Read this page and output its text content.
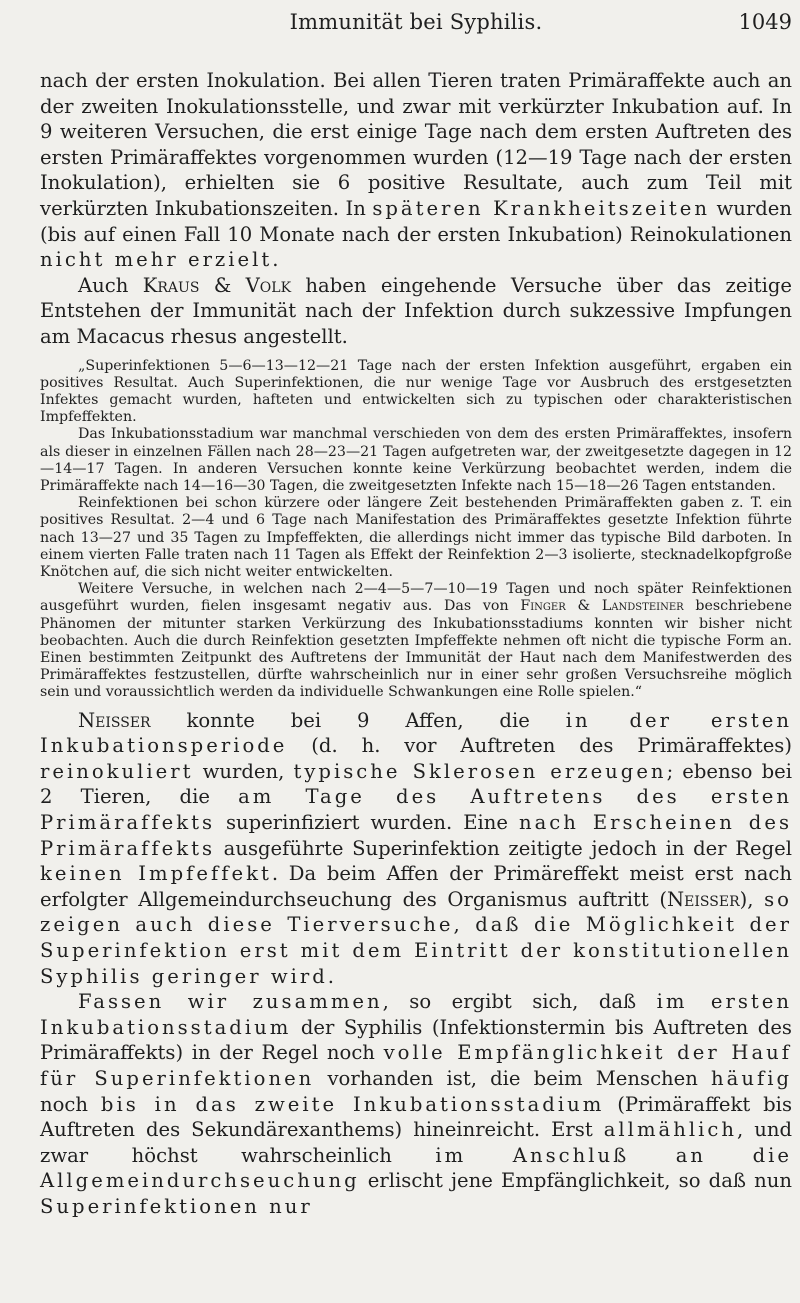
Immunität bei Syphilis.	1049

nach der ersten Inokulation. Bei allen Tieren traten Primäraffekte auch an der zweiten Inokulationsstelle, und zwar mit verkürzter Inkubation auf. In 9 weiteren Versuchen, die erst einige Tage nach dem ersten Auftreten des ersten Primäraffektes vorgenommen wurden (12—19 Tage nach der ersten Inokulation), erhielten sie 6 positive Resultate, auch zum Teil mit verkürzten Inkubationszeiten. In späteren Krankheitszeiten wurden (bis auf einen Fall 10 Monate nach der ersten Inkubation) Reinokulationen nicht mehr erzielt.

Auch Kraus & Volk haben eingehende Versuche über das zeitige Entstehen der Immunität nach der Infektion durch sukzessive Impfungen am Macacus rhesus angestellt.

„Superinfektionen 5—6—13—12—21 Tage nach der ersten Infektion ausgeführt, ergaben ein positives Resultat. Auch Superinfektionen, die nur wenige Tage vor Ausbruch des erstgesetzten Infektes gemacht wurden, hafteten und entwickelten sich zu typischen oder charakteristischen Impfeffekten.

Das Inkubationsstadium war manchmal verschieden von dem des ersten Primäraffektes, insofern als dieser in einzelnen Fällen nach 28—23—21 Tagen aufgetreten war, der zweitgesetzte dagegen in 12—14—17 Tagen. In anderen Versuchen konnte keine Verkürzung beobachtet werden, indem die Primäraffekte nach 14—16—30 Tagen, die zweitgesetzten Infekte nach 15—18—26 Tagen entstanden.

Reinfektionen bei schon kürzere oder längere Zeit bestehenden Primäraffekten gaben z. T. ein positives Resultat. 2—4 und 6 Tage nach Manifestation des Primäraffektes gesetzte Infektion führte nach 13—27 und 35 Tagen zu Impfeffekten, die allerdings nicht immer das typische Bild darboten. In einem vierten Falle traten nach 11 Tagen als Effekt der Reinfektion 2—3 isolierte, stecknadelkopfgroße Knötchen auf, die sich nicht weiter entwickelten.

Weitere Versuche, in welchen nach 2—4—5—7—10—19 Tagen und noch später Reinfektionen ausgeführt wurden, fielen insgesamt negativ aus. Das von Finger & Landsteiner beschriebene Phänomen der mitunter starken Verkürzung des Inkubationsstadiums konnten wir bisher nicht beobachten. Auch die durch Reinfektion gesetzten Impfeffekte nehmen oft nicht die typische Form an. Einen bestimmten Zeitpunkt des Auftretens der Immunität der Haut nach dem Manifestwerden des Primäraffektes festzustellen, dürfte wahrscheinlich nur in einer sehr großen Versuchsreihe möglich sein und voraussichtlich werden da individuelle Schwankungen eine Rolle spielen.“

Neisser konnte bei 9 Affen, die in der ersten Inkubationsperiode (d. h. vor Auftreten des Primäraffektes) reinokuliert wurden, typische Sklerosen erzeugen; ebenso bei 2 Tieren, die am Tage des Auftretens des ersten Primäraffekts superinfiziert wurden. Eine nach Erscheinen des Primäraffekts ausgeführte Superinfektion zeitigte jedoch in der Regel keinen Impfeffekt. Da beim Affen der Primäreffekt meist erst nach erfolgter Allgemeindurchseuchung des Organismus auftritt (Neisser), so zeigen auch diese Tierversuche, daß die Möglichkeit der Superinfektion erst mit dem Eintritt der konstitutionellen Syphilis geringer wird.

Fassen wir zusammen, so ergibt sich, daß im ersten Inkubationsstadium der Syphilis (Infektionstermin bis Auftreten des Primäraffekts) in der Regel noch volle Empfänglichkeit der Hauf für Superinfektionen vorhanden ist, die beim Menschen häufig noch bis in das zweite Inkubationsstadium (Primäraffekt bis Auftreten des Sekundärexanthems) hineinreicht. Erst allmählich, und zwar höchst wahrscheinlich im Anschluß an die Allgemeindurchseuchung erlischt jene Empfänglichkeit, so daß nun Superinfektionen nur
